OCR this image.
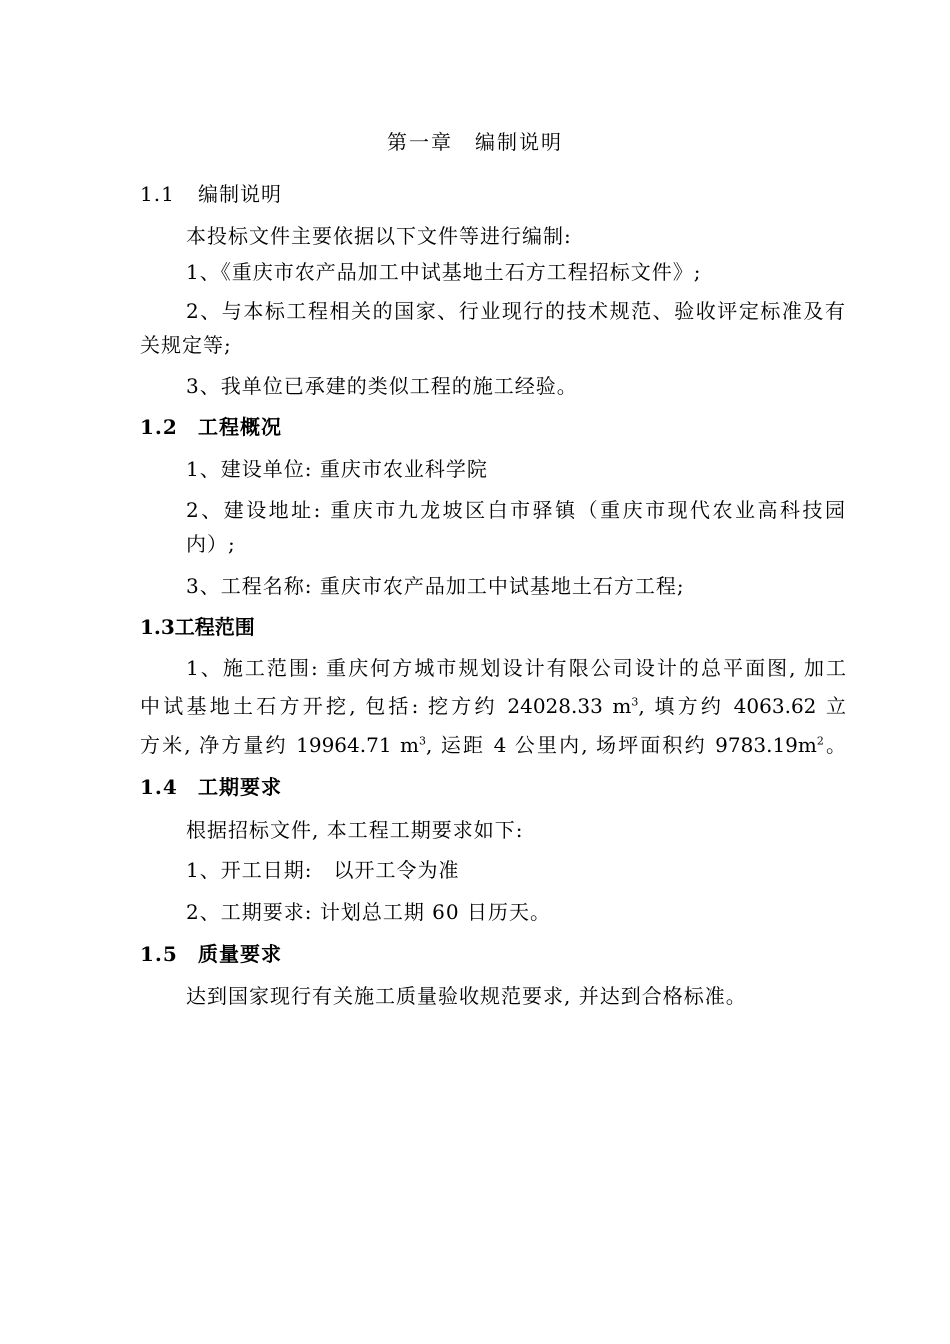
第一章　编制说明
1.1 编制说明
本投标文件主要依据以下文件等进行编制:
1、《重庆市农产品加工中试基地土石方工程招标文件》;
2、与本标工程相关的国家、行业现行的技术规范、验收评定标准及有
关规定等;
3、我单位已承建的类似工程的施工经验。
1.2 工程概况
1、建设单位: 重庆市农业科学院
2、建设地址: 重庆市九龙坡区白市驿镇（重庆市现代农业高科技园
内）;
3、工程名称: 重庆市农产品加工中试基地土石方工程;
1.3工程范围
1、施工范围: 重庆何方城市规划设计有限公司设计的总平面图, 加工
中试基地土石方开挖, 包括: 挖方约 24028.33 $m^3$, 填方约 4063.62 立
方米, 净方量约 19964.71 $m^3$, 运距 4 公里内, 场坪面积约 $9783.19m^2$。
1.4 工期要求
根据招标文件, 本工程工期要求如下:
1、开工日期:　以开工令为准
2、工期要求: 计划总工期 60 日历天。
1.5 质量要求
达到国家现行有关施工质量验收规范要求, 并达到合格标准。
